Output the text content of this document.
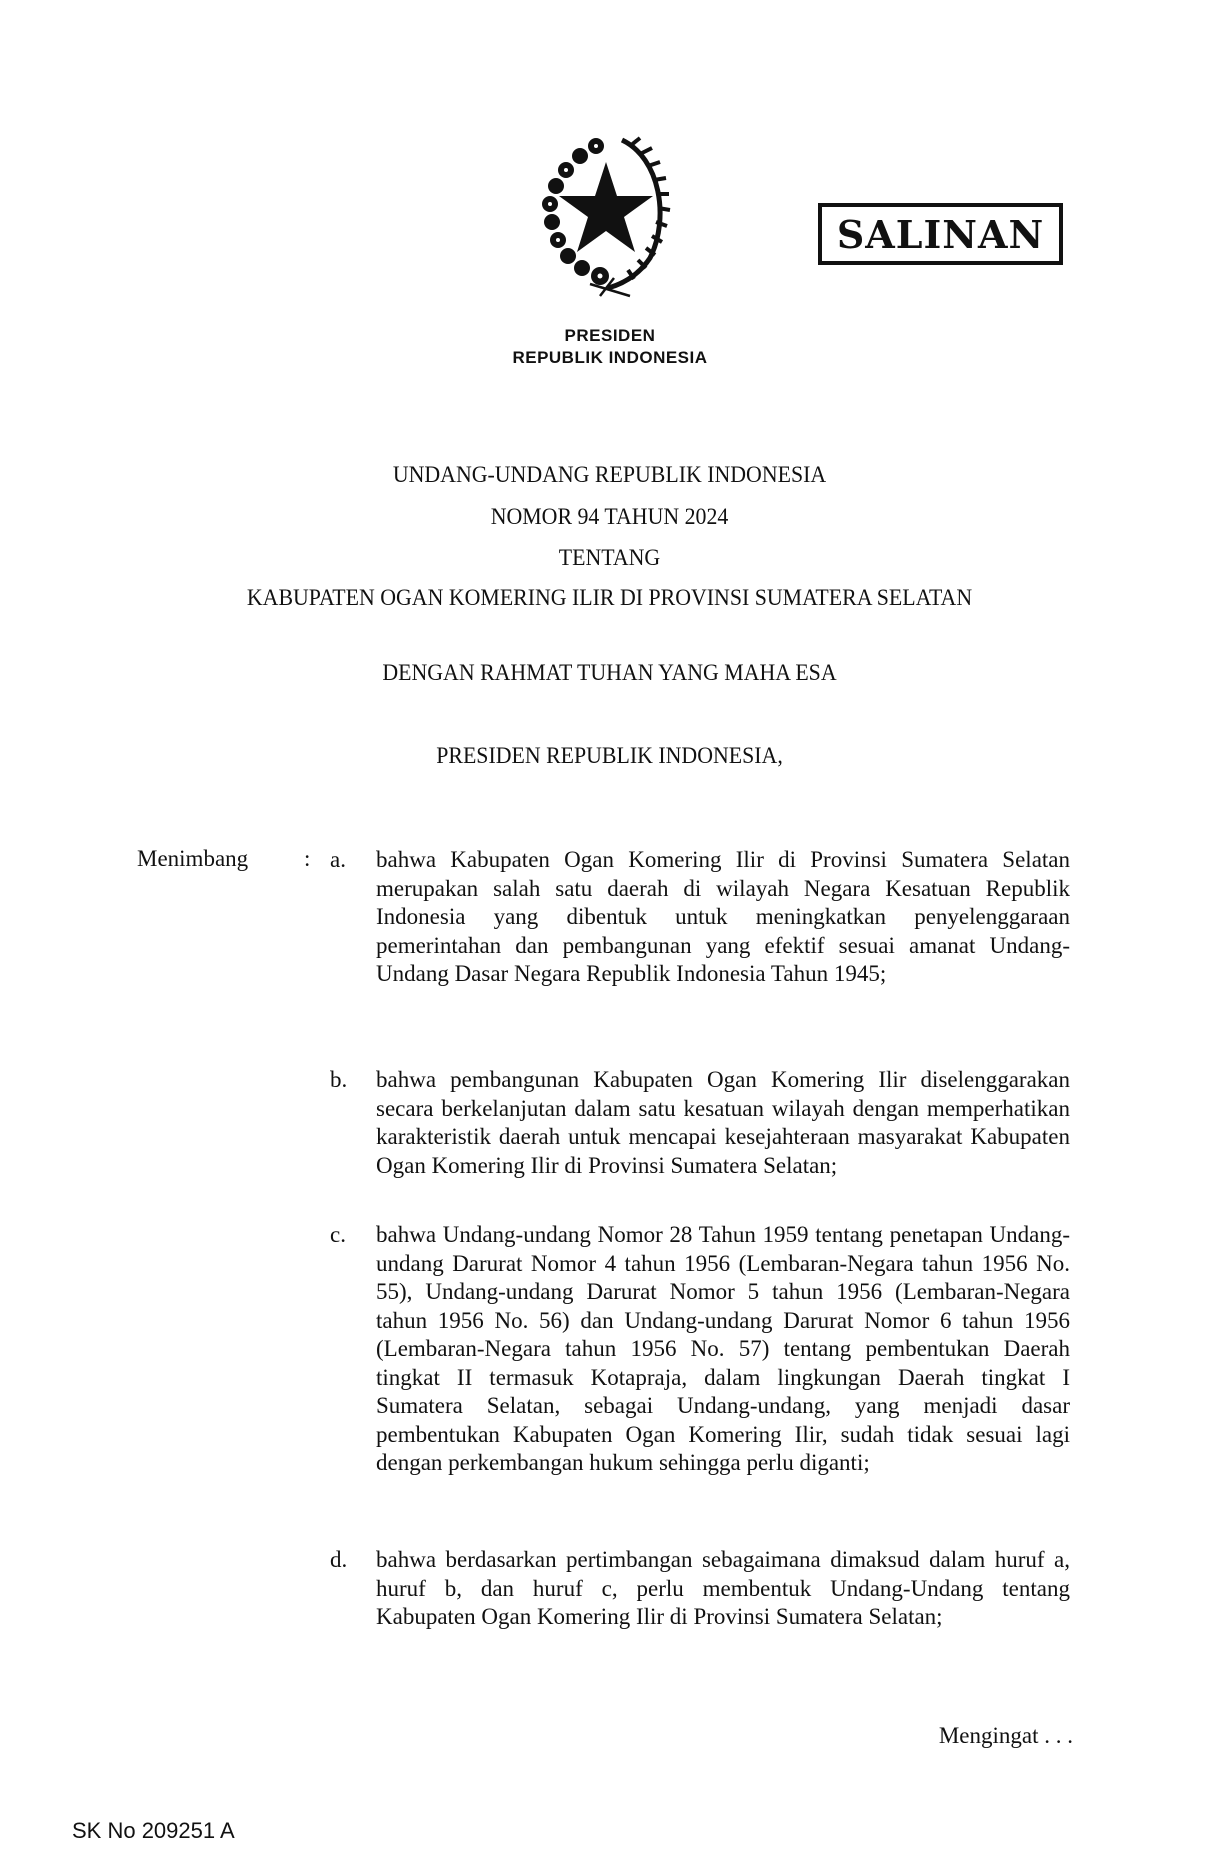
PRESIDEN
REPUBLIK INDONESIA
SALINAN
UNDANG-UNDANG REPUBLIK INDONESIA
NOMOR 94 TAHUN 2024
TENTANG
KABUPATEN OGAN KOMERING ILIR DI PROVINSI SUMATERA SELATAN
DENGAN RAHMAT TUHAN YANG MAHA ESA
PRESIDEN REPUBLIK INDONESIA,
Menimbang : a.	bahwa Kabupaten Ogan Komering Ilir di Provinsi Sumatera Selatan merupakan salah satu daerah di wilayah Negara Kesatuan Republik Indonesia yang dibentuk untuk meningkatkan penyelenggaraan pemerintahan dan pembangunan yang efektif sesuai amanat Undang-Undang Dasar Negara Republik Indonesia Tahun 1945;
b.	bahwa pembangunan Kabupaten Ogan Komering Ilir diselenggarakan secara berkelanjutan dalam satu kesatuan wilayah dengan memperhatikan karakteristik daerah untuk mencapai kesejahteraan masyarakat Kabupaten Ogan Komering Ilir di Provinsi Sumatera Selatan;
c.	bahwa Undang-undang Nomor 28 Tahun 1959 tentang penetapan Undang-undang Darurat Nomor 4 tahun 1956 (Lembaran-Negara tahun 1956 No. 55), Undang-undang Darurat Nomor 5 tahun 1956 (Lembaran-Negara tahun 1956 No. 56) dan Undang-undang Darurat Nomor 6 tahun 1956 (Lembaran-Negara tahun 1956 No. 57) tentang pembentukan Daerah tingkat II termasuk Kotapraja, dalam lingkungan Daerah tingkat I Sumatera Selatan, sebagai Undang-undang, yang menjadi dasar pembentukan Kabupaten Ogan Komering Ilir, sudah tidak sesuai lagi dengan perkembangan hukum sehingga perlu diganti;
d.	bahwa berdasarkan pertimbangan sebagaimana dimaksud dalam huruf a, huruf b, dan huruf c, perlu membentuk Undang-Undang tentang Kabupaten Ogan Komering Ilir di Provinsi Sumatera Selatan;
Mengingat . . .
SK No 209251 A
